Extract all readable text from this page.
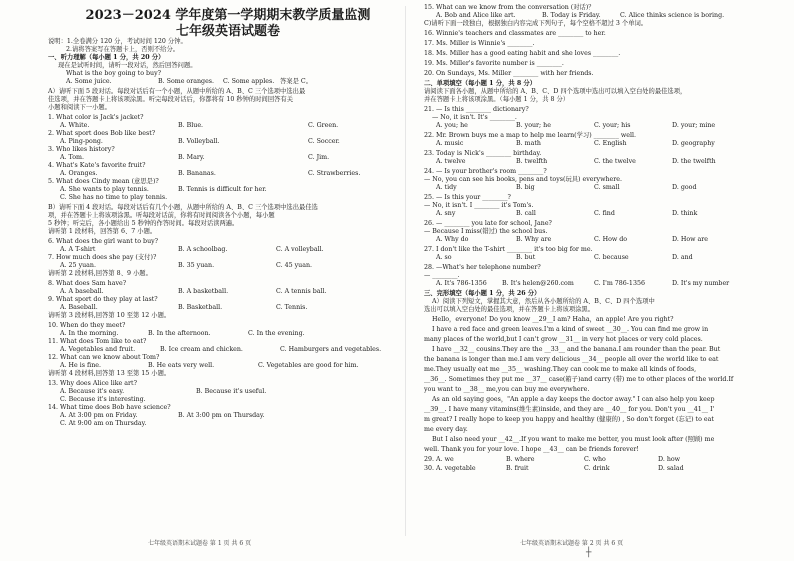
2023－2024 学年度第一学期期末教学质量监测
七年级英语试题卷
说明：1.全卷满分 120 分，考试时间 120 分钟。
2.请将答案写在答题卡上，否则不给分。
一、听力理解（每小题 1 分，共 20 分）
现在是试听时间，请听一段对话，然后回答问题。
What is the boy going to buy?
A. Some juice.	B. Some oranges. C. Some apples. 答案是 C。
A）请听下面 5 段对话。每段对话后有一个小题，从题中所给的 A、B、C 三个选项中选出最
佳选项，并在答题卡上将该项涂黑。听完每段对话后，你都将有 10 秒钟的时间回答有关
小题和阅读下一小题。
1. What color is Jack's jacket?
A. White.	B. Blue.	C. Green.
2. What sport does Bob like best?
A. Ping-pong.	B. Volleyball.	C. Soccer.
3. Who likes history?
A. Tom.	B. Mary.	C. Jim.
4. What's Kate's favorite fruit?
A. Oranges.	B. Bananas.	C. Strawberries.
5. What does Cindy mean (意思是)?
A. She wants to play tennis.	B. Tennis is difficult for her.
C. She has no time to play tennis.
B）请听下面 4 段对话。每段对话后有几个小题，从题中所给的 A、B、C 三个选项中选出最佳选
项，并在答题卡上将该项涂黑。听每段对话前，你将有时间阅读各个小题，每小题
5 秒钟；听完后，各小题给出 5 秒钟的作答时间。每段对话读两遍。
请听第 1 段材料，回答第 6、7 小题。
6. What does the girl want to buy?
A. A T-shirt	B. A schoolbag.	C. A volleyball.
7. How much does she pay (支付)?
A. 25 yuan.	B. 35 yuan.	C. 45 yuan.
请听第 2 段材料,回答第 8、9 小题。
8. What does Sam have?
A. A baseball.	B. A basketball.	C. A tennis ball.
9. What sport do they play at last?
A. Baseball.	B. Basketball.	C. Tennis.
请听第 3 段材料,回答第 10 至第 12 小题。
10. When do they meet?
A. In the morning.	B. In the afternoon.	C. In the evening.
11. What does Tom like to eat?
A. Vegetables and fruit.	B. Ice cream and chicken.	C. Hamburgers and vegetables.
12. What can we know about Tom?
A. He is fine.	B. He eats very well.	C. Vegetables are good for him.
请听第 4 段材料,回答第 13 至第 15 小题。
13. Why does Alice like art?
A. Because it's easy.	B. Because it's useful.
C. Because it's interesting.
14. What time does Bob have science?
A. At 3:00 pm on Friday.	B. At 3:00 pm on Thursday.
C. At 9:00 am on Thursday.
七年级英语期末试题卷 第 1 页 共 6 页
15. What can we know from the conversation (对话)？
A. Bob and Alice like art.	B. Today is Friday.	C. Alice thinks science is boring.
C)请听下面一段独白，根据独白内容完成下列句子，每个空格不超过 3 个单词。
16. Winnie's teachers and classmates are ________ to her.
17. Ms. Miller is Winnie's ________.
18. Ms. Miller has a good eating habit and she loves ________.
19. Ms. Miller's favorite number is ________.
20. On Sundays, Ms. Miller ________ with her friends.
二、单项填空（每小题 1 分，共 8 分）
请阅读下面各小题，从题中所给的 A、B、C、D 四个选项中选出可以填入空白处的最佳选项，
并在答题卡上将该项涂黑。（每小题 1 分，共 8 分）
21. — Is this ________ dictionary?
— No, it isn't. It's ________.
A. you; he	B. your; he	C. your; his	D. your; mine
22. Mr. Brown buys me a map to help me learn(学习) ________ well.
A. music	B. math	C. English	D. geography
23. Today is Nick's ________ birthday.
A. twelve	B. twelfth	C. the twelve	D. the twelfth
24. — Is your brother's room ________?
— No, you can see his books, pens and toys(玩具) everywhere.
A. tidy	B. big	C. small	D. good
25. — Is this your ________?
— No, it isn't. I ________ it's Tom's.
A. sny	B. call	C. find	D. think
26. — ________ you late for school, Jane?
— Because I miss(错过) the school bus.
A. Why do	B. Why are	C. How do	D. How are
27. I don't like the T-shirt ________ it's too big for me.
A. so	B. but	C. because	D. and
28. —What's her telephone number?
— ________.
A. It's 786-1356 B. It's helen@260.com	C. I'm 786-1356	D. It's my number
三、完形填空（每小题 1 分，共 26 分）
A）阅读下列短文，掌握其大意，然后从各小题所给的 A、B、C、D 四个选项中
选出可以填入空白处的最佳选项，并在答题卡上将该项涂黑。
Hello，everyone! Do you know __29__I am? Haha，an apple! Are you right?
I have a red face and green leaves.I'm a kind of sweet __30__. You can find me grow in
many places of the world,but I can't grow __31__ in very hot places or very cold places.
I have __32__ cousins.They are the __33__ and the banana.I am rounder than the pear. But
the banana is longer than me.I am very delicious __34__ people all over the world like to eat
me.They usually eat me __35__ washing.They can cook me to make all kinds of foods,
__36__. Sometimes they put me __37__ case(箱子)and carry (带) me to other places of the world.If
you want to __38__ me,you can buy me everywhere.
As an old saying goes，"An apple a day keeps the doctor away." I can also help you keep
__39__. I have many vitamins(维生素)inside, and they are __40__ for you. Don't you __41__ I'
m great? I really hope to keep you happy and healthy (健康的) , So don't forget (忘记) to eat
me every day.
But I also need your __42__.If you want to make me better, you must look after (照顾) me
well. Thank you for your love. I hope __43__ can be friends forever!
29. A. we	B. where	C. who	D. how
30. A. vegetable	B. fruit	C. drink	D. salad
七年级英语期末试题卷 第 2 页 共 6 页
┼
